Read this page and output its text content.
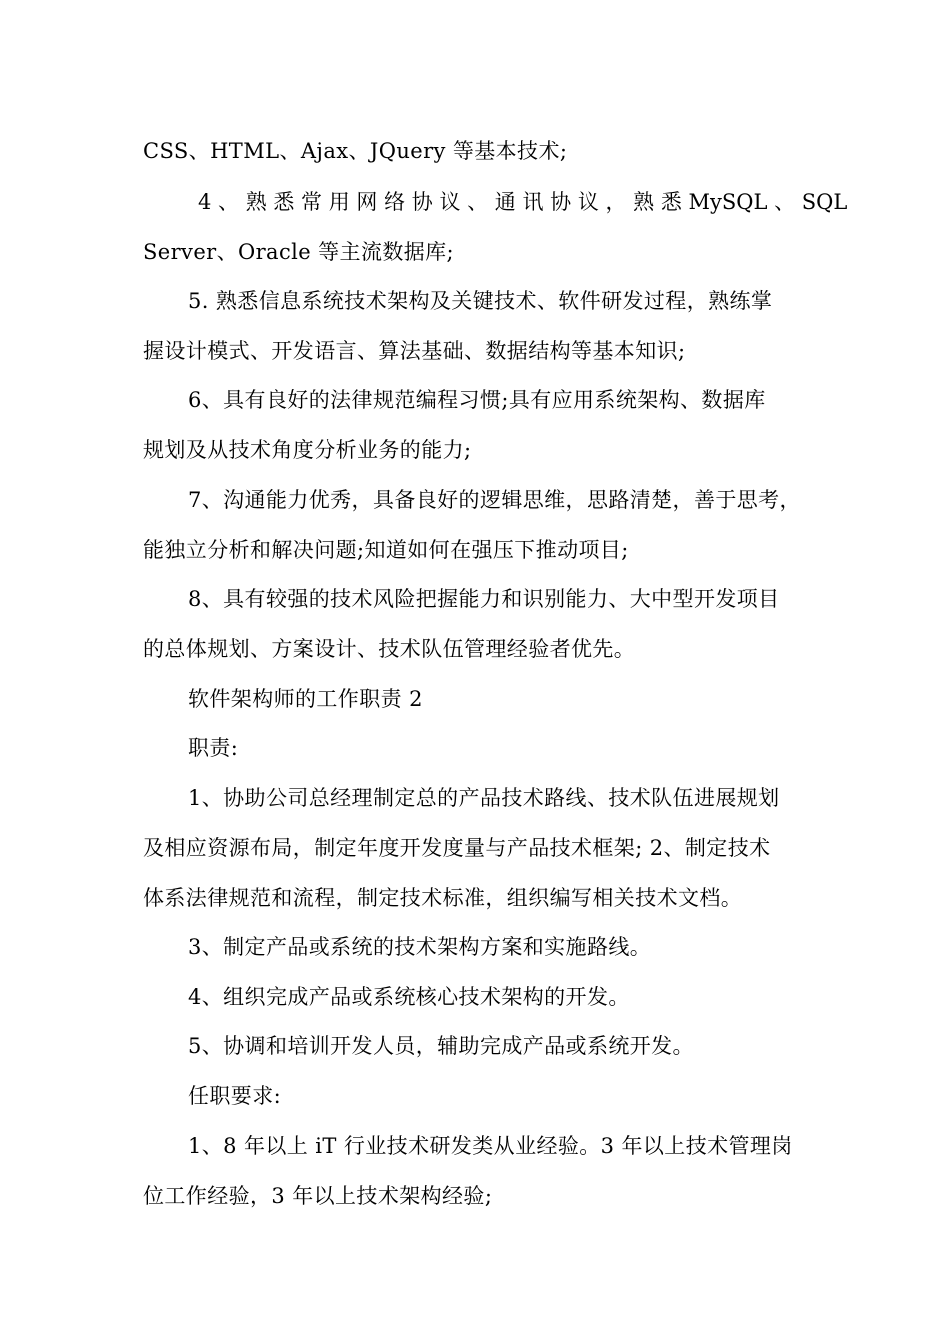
CSS、HTML、Ajax、JQuery 等基本技术;
4 、 熟 悉 常 用 网 络 协 议 、 通 讯 协 议 ， 熟 悉 MySQL 、 SQL
Server、Oracle 等主流数据库;
5. 熟悉信息系统技术架构及关键技术、软件研发过程，熟练掌
握设计模式、开发语言、算法基础、数据结构等基本知识;
6、具有良好的法律规范编程习惯;具有应用系统架构、数据库
规划及从技术角度分析业务的能力;
7、沟通能力优秀，具备良好的逻辑思维，思路清楚，善于思考，
能独立分析和解决问题;知道如何在强压下推动项目;
8、具有较强的技术风险把握能力和识别能力、大中型开发项目
的总体规划、方案设计、技术队伍管理经验者优先。
软件架构师的工作职责 2
职责:
1、协助公司总经理制定总的产品技术路线、技术队伍进展规划
及相应资源布局，制定年度开发度量与产品技术框架; 2、制定技术
体系法律规范和流程，制定技术标准，组织编写相关技术文档。
3、制定产品或系统的技术架构方案和实施路线。
4、组织完成产品或系统核心技术架构的开发。
5、协调和培训开发人员，辅助完成产品或系统开发。
任职要求:
1、8 年以上 iT 行业技术研发类从业经验。3 年以上技术管理岗
位工作经验，3 年以上技术架构经验;
